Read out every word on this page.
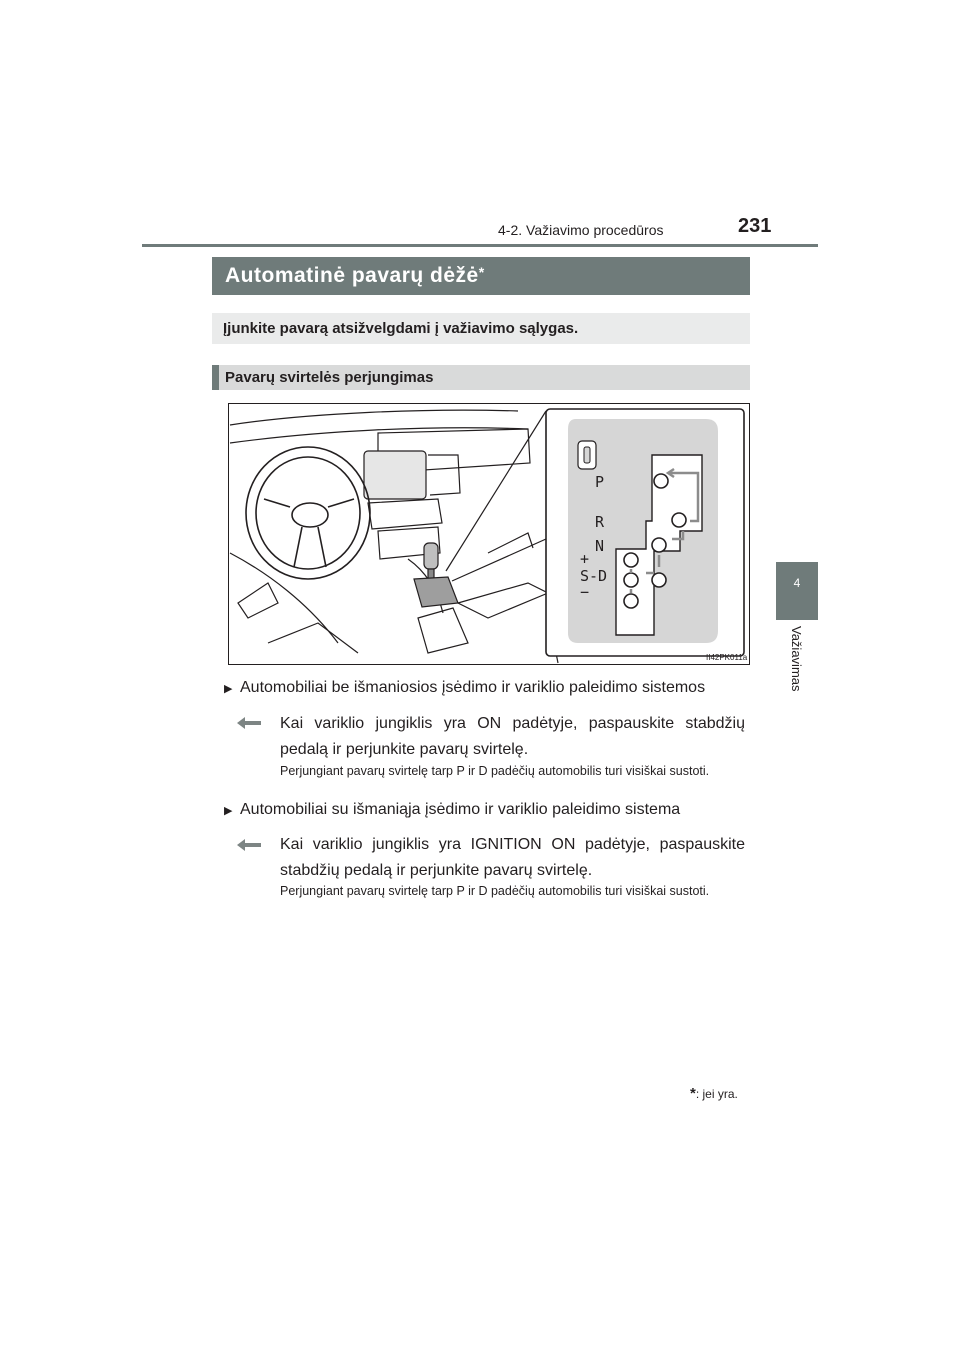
4-2. Važiavimo procedūros	231
4
Važiavimas
Automatinė pavarų dėžė*
Įjunkite pavarą atsižvelgdami į važiavimo sąlygas.
Pavarų svirtelės perjungimas
P
R
N
+
S-D
−
II42PK011a
▶ Automobiliai be išmaniosios įsėdimo ir variklio paleidimo sistemos
Kai variklio jungiklis yra ON padėtyje, paspauskite stabdžių pedalą ir perjunkite pavarų svirtelę.
Perjungiant pavarų svirtelę tarp P ir D padėčių automobilis turi visiškai sustoti.
▶ Automobiliai su išmaniąja įsėdimo ir variklio paleidimo sistema
Kai variklio jungiklis yra IGNITION ON padėtyje, paspauskite stabdžių pedalą ir perjunkite pavarų svirtelę.
Perjungiant pavarų svirtelę tarp P ir D padėčių automobilis turi visiškai sustoti.
*: jei yra.
